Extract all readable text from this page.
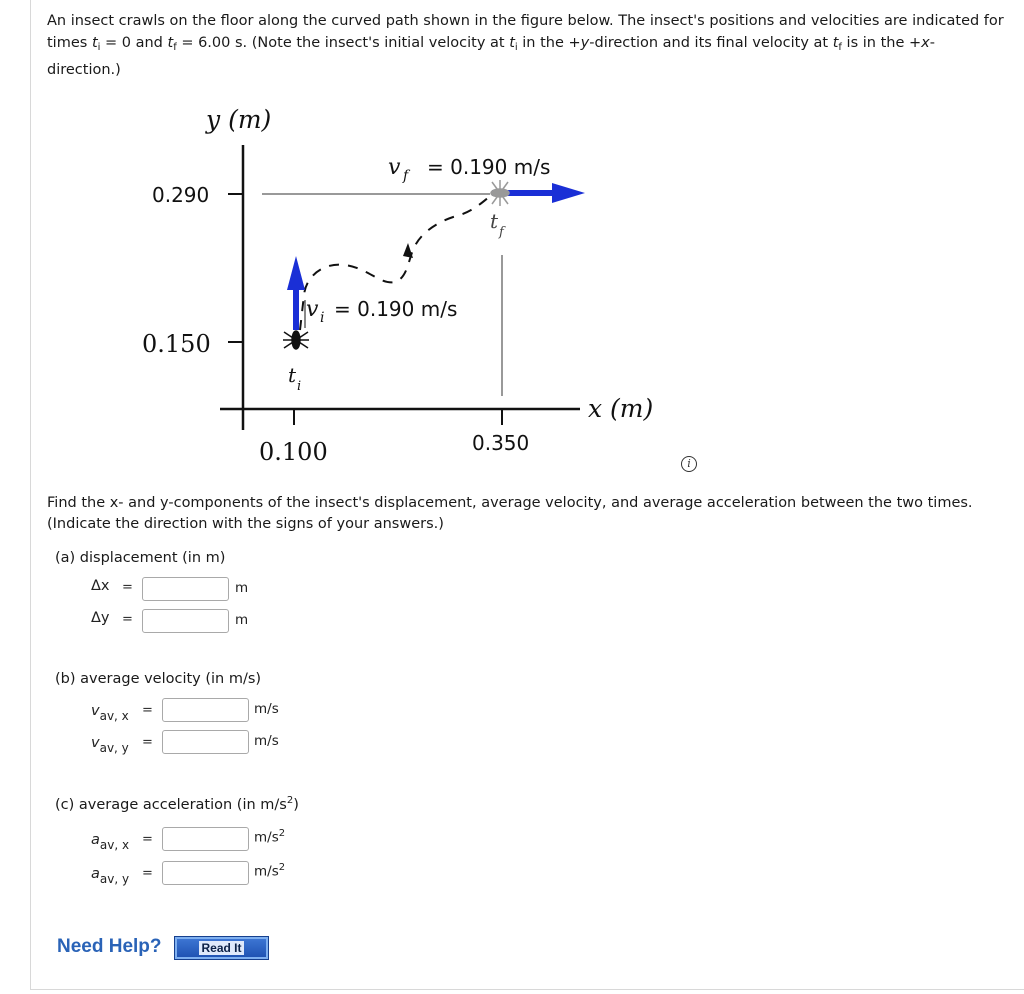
An insect crawls on the floor along the curved path shown in the figure below. The insect's positions and velocities are indicated for times $t_i = 0$ and $t_f = 6.00$ s. (Note the insect's initial velocity at $t_i$ in the +y-direction and its final velocity at $t_f$ is in the +x-direction.)
y (m)
x (m)
0.290
0.150
0.100	0.350
v f = 0.190 m/s
v i = 0.190 m/s
t f
t i
i
Find the x- and y-components of the insect's displacement, average velocity, and average acceleration between the two times. (Indicate the direction with the signs of your answers.)
(a) displacement (in m)
Δx =	m
Δy =	m
(b) average velocity (in m/s)
$v_{av, x}$ =	m/s
$v_{av, y}$ =	m/s
(c) average acceleration (in $m/s^2$)
$a_{av, x}$ =	$m/s^2$
$a_{av, y}$ =	$m/s^2$
Need Help?	Read It
